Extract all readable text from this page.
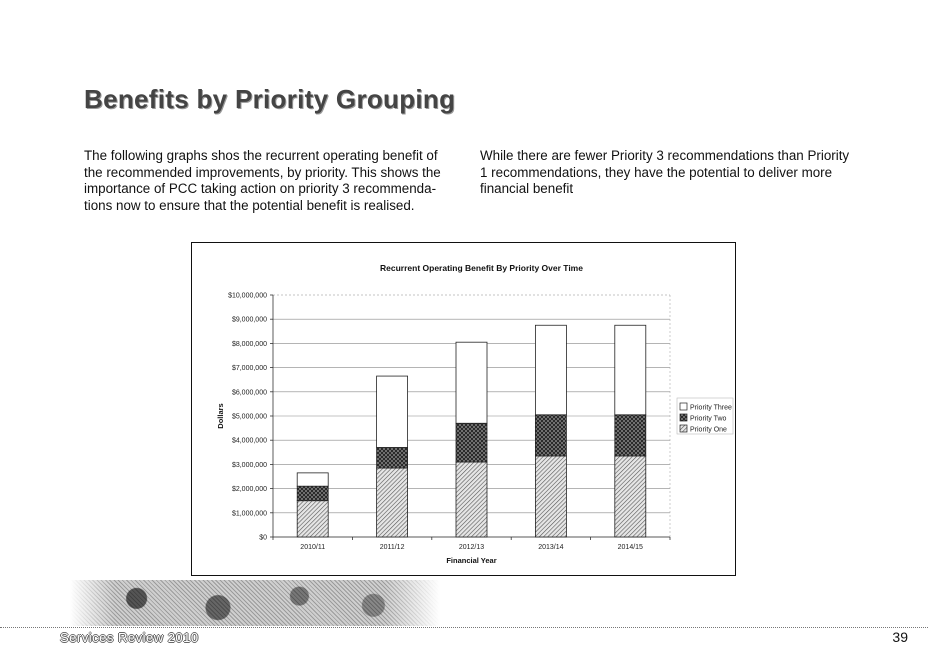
Benefits by Priority Grouping

The following graphs shos the recurrent operating benefit of the recommended improvements, by priority. This shows the importance of PCC taking action on priority 3 recommenda-tions now to ensure that the potential benefit is realised.

While there are fewer Priority 3 recommendations than Priority 1 recommendations, they have the potential to deliver more financial benefit

Recurrent Operating Benefit By Priority Over Time
$0
$1,000,000
$2,000,000
$3,000,000
$4,000,000
$5,000,000
$6,000,000
$7,000,000
$8,000,000
$9,000,000
$10,000,000
2010/11	2011/12	2012/13	2013/14	2014/15
Financial Year
Dollars	Priority Three
Priority Two
Priority One

Services Review 2010	39
